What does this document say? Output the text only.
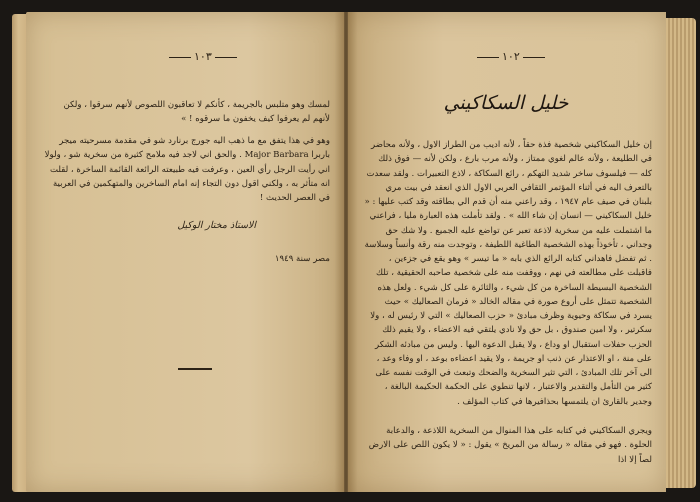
١٠٣
لمسك وهو متلبس بالجريمة ، كأنكم لا تعاقبون اللصوص لأنهم سرقوا ، ولكن لأنهم لم يعرفوا كيف يخفون ما سرقوه ! »
وهو في هذا يتفق مع ما ذهب اليه جورج برنارد شو في مقدمة مسرحيته ميجر باربرا Major Barbara . والحق اني لاجد فيه ملامح كثيرة من سخرية شو ، ولولا اني رأيت الرجل رأي العين ، وعرفت فيه طبيعته الرائعة القائمة الساخرة ، لقلت انه متأثر به ، ولكني اقول دون التجاء إنه امام الساخرين والمتهكمين في العربية في العصر الحديث !
الاستاذ مختار الوكيل
مصر سنة ١٩٤٩
١٠٢
خليل السكاكيني
إن خليل السكاكيني شخصية فذة حقاً ، لأنه اديب من الطراز الاول ، ولأنه محاضر في الطليعة ، ولأنه عالم لغوي ممتاز ، ولأنه مرب بارع ، ولكن لأنه — فوق ذلك كله — فيلسوف ساخر شديد التهكم ، رائع السكاكة ، لاذع التعبيرات . ولقد سعدت بالتعرف اليه في أثناء المؤتمر الثقافي العربي الاول الذي انعقد في بيت مري بلبنان في صيف عام ١٩٤٧ ، وقد راعني منه أن قدم الي بطاقته وقد كتب عليها : « خليل السكاكيني — انسان إن شاء الله » . ولقد تأملت هذه العبارة مليا ، فراعني ما اشتملت عليه من سخرية لاذعة تعبر عن تواضع عليه الجميع . ولا شك حق وجداني ، تأخوذاً بهذه الشخصية الطاغية اللطيفة ، وتوجدت منه رقة وأنساً وسلاسة . ثم تفضل فاهداني كتابه الرائع الذي بابه « ما تيسر » وهو يقع في جزءين ، فاقبلت على مطالعته في نهم ، ووقفت منه على شخصية صاحبه الحقيقية ، تلك الشخصية البسيطة الساخرة من كل شيء ، والثائرة على كل شيء . ولعل هذه الشخصية تتمثل على أروع صورة في مقاله الخالد « فرمان الصعاليك » حيث يسرد في سكاكة وحيوية وظرف مبادئ « حزب الصعاليك » التي لا رئيس له ، ولا سكرتير ، ولا امين صندوق ، بل حق ولا نادي يلتقي فيه الاعضاء ، ولا يقيم ذلك الحزب حفلات استقبال او وداع ، ولا يقبل الدعوة اليها . وليس من مبادئه الشكر على منة ، او الاعتذار عن ذنب او جريمة ، ولا يقيد اعضاءه بوعد ، او وفاء وعد ، الى آخر تلك المبادئ ، التي تثير السخرية والضحك وتبعث في الوقت نفسه على كثير من التأمل والتقدير والاعتبار ، لانها تنطوي على الحكمة الحكيمة البالغة ، وجدير بالقارئ ان يلتمسها بحذافيرها في كتاب المؤلف .
ويجري السكاكيني في كتابه على هذا المنوال من السخرية اللاذعة ، والدعابة الحلوة . فهو في مقاله « رسالة من المريخ » يقول : « لا يكون اللص على الارض لصاً إلا اذا
